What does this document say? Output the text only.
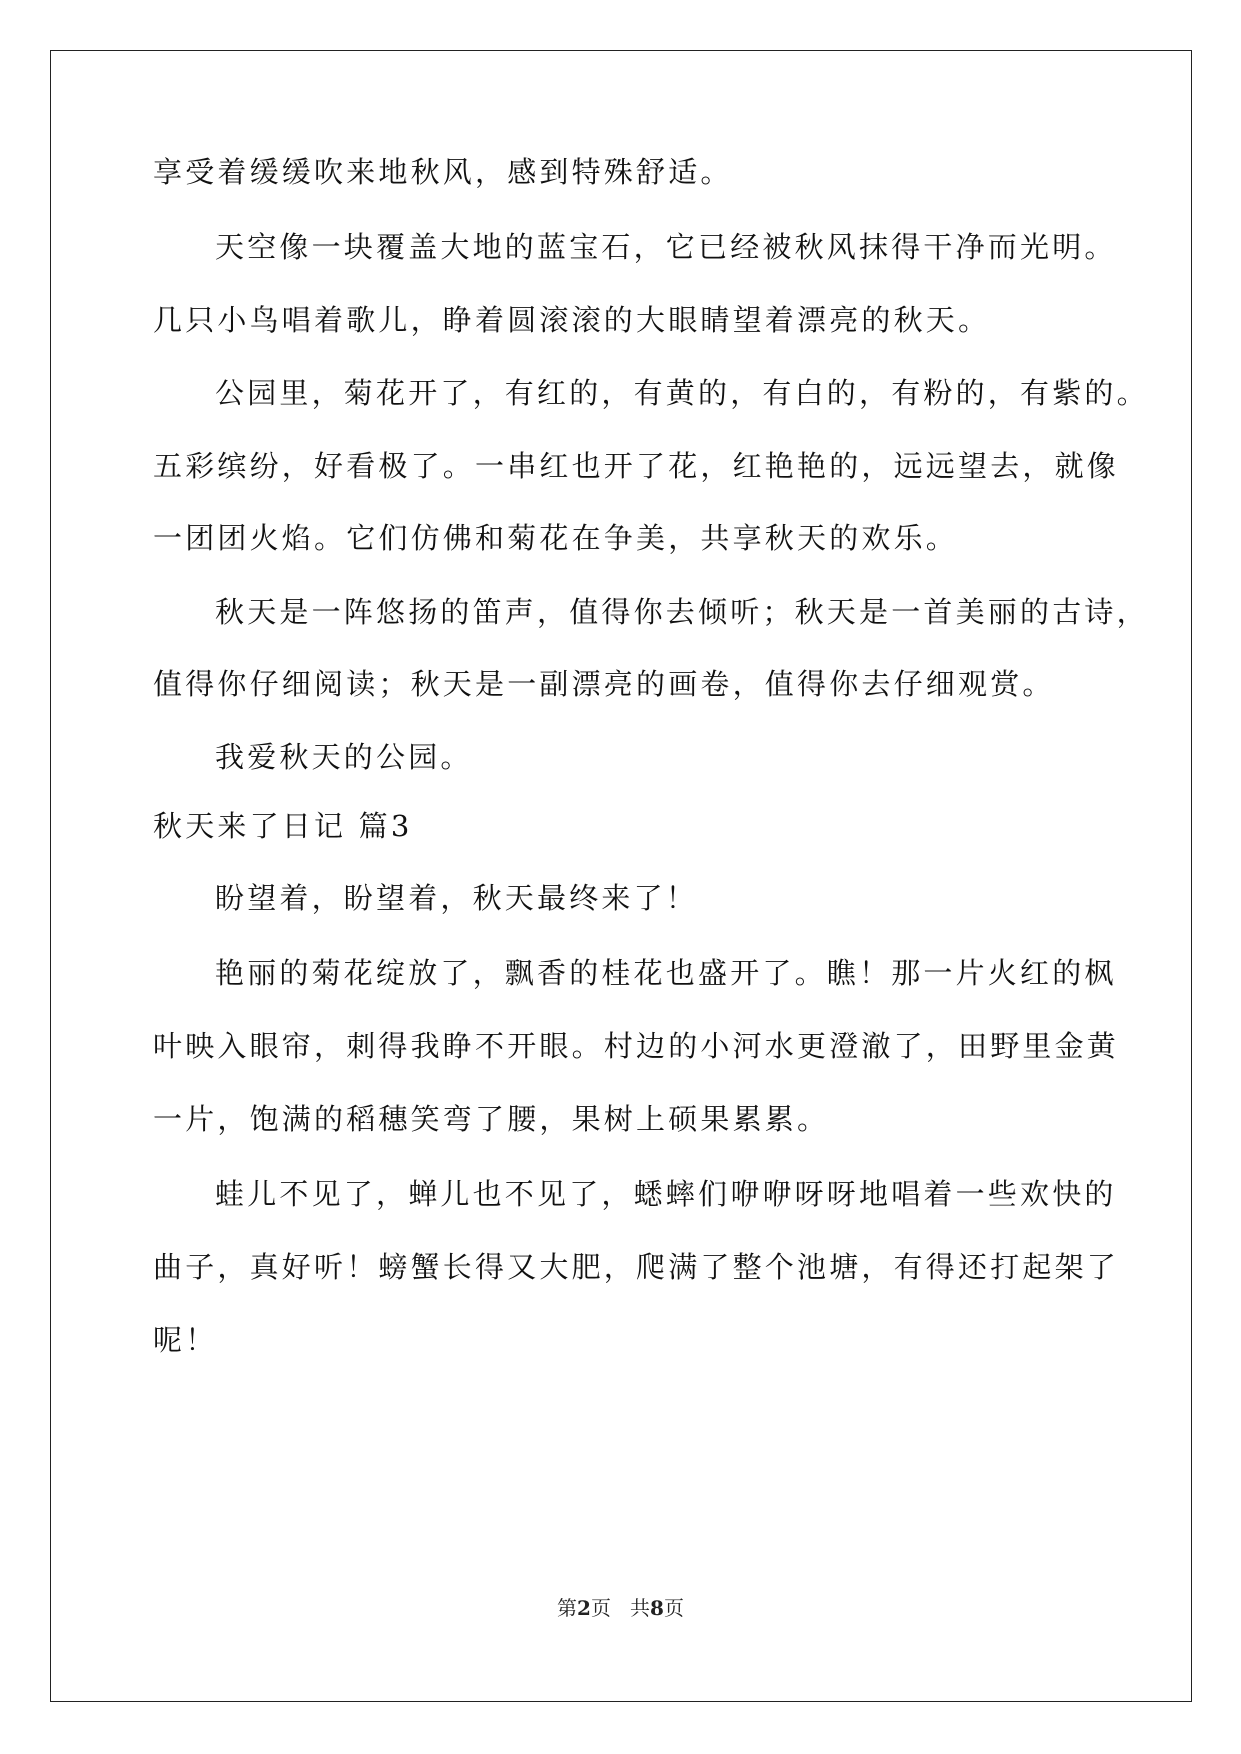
享受着缓缓吹来地秋风，感到特殊舒适。
天空像一块覆盖大地的蓝宝石，它已经被秋风抹得干净而光明。
几只小鸟唱着歌儿，睁着圆滚滚的大眼睛望着漂亮的秋天。
公园里，菊花开了，有红的，有黄的，有白的，有粉的，有紫的。
五彩缤纷，好看极了。一串红也开了花，红艳艳的，远远望去，就像
一团团火焰。它们仿佛和菊花在争美，共享秋天的欢乐。
秋天是一阵悠扬的笛声，值得你去倾听；秋天是一首美丽的古诗，
值得你仔细阅读；秋天是一副漂亮的画卷，值得你去仔细观赏。
我爱秋天的公园。
秋天来了日记 篇3
盼望着，盼望着，秋天最终来了！
艳丽的菊花绽放了，飘香的桂花也盛开了。瞧！那一片火红的枫
叶映入眼帘，刺得我睁不开眼。村边的小河水更澄澈了，田野里金黄
一片，饱满的稻穗笑弯了腰，果树上硕果累累。
蛙儿不见了，蝉儿也不见了，蟋蟀们咿咿呀呀地唱着一些欢快的
曲子，真好听！螃蟹长得又大肥，爬满了整个池塘，有得还打起架了
呢！
第2页 共8页
